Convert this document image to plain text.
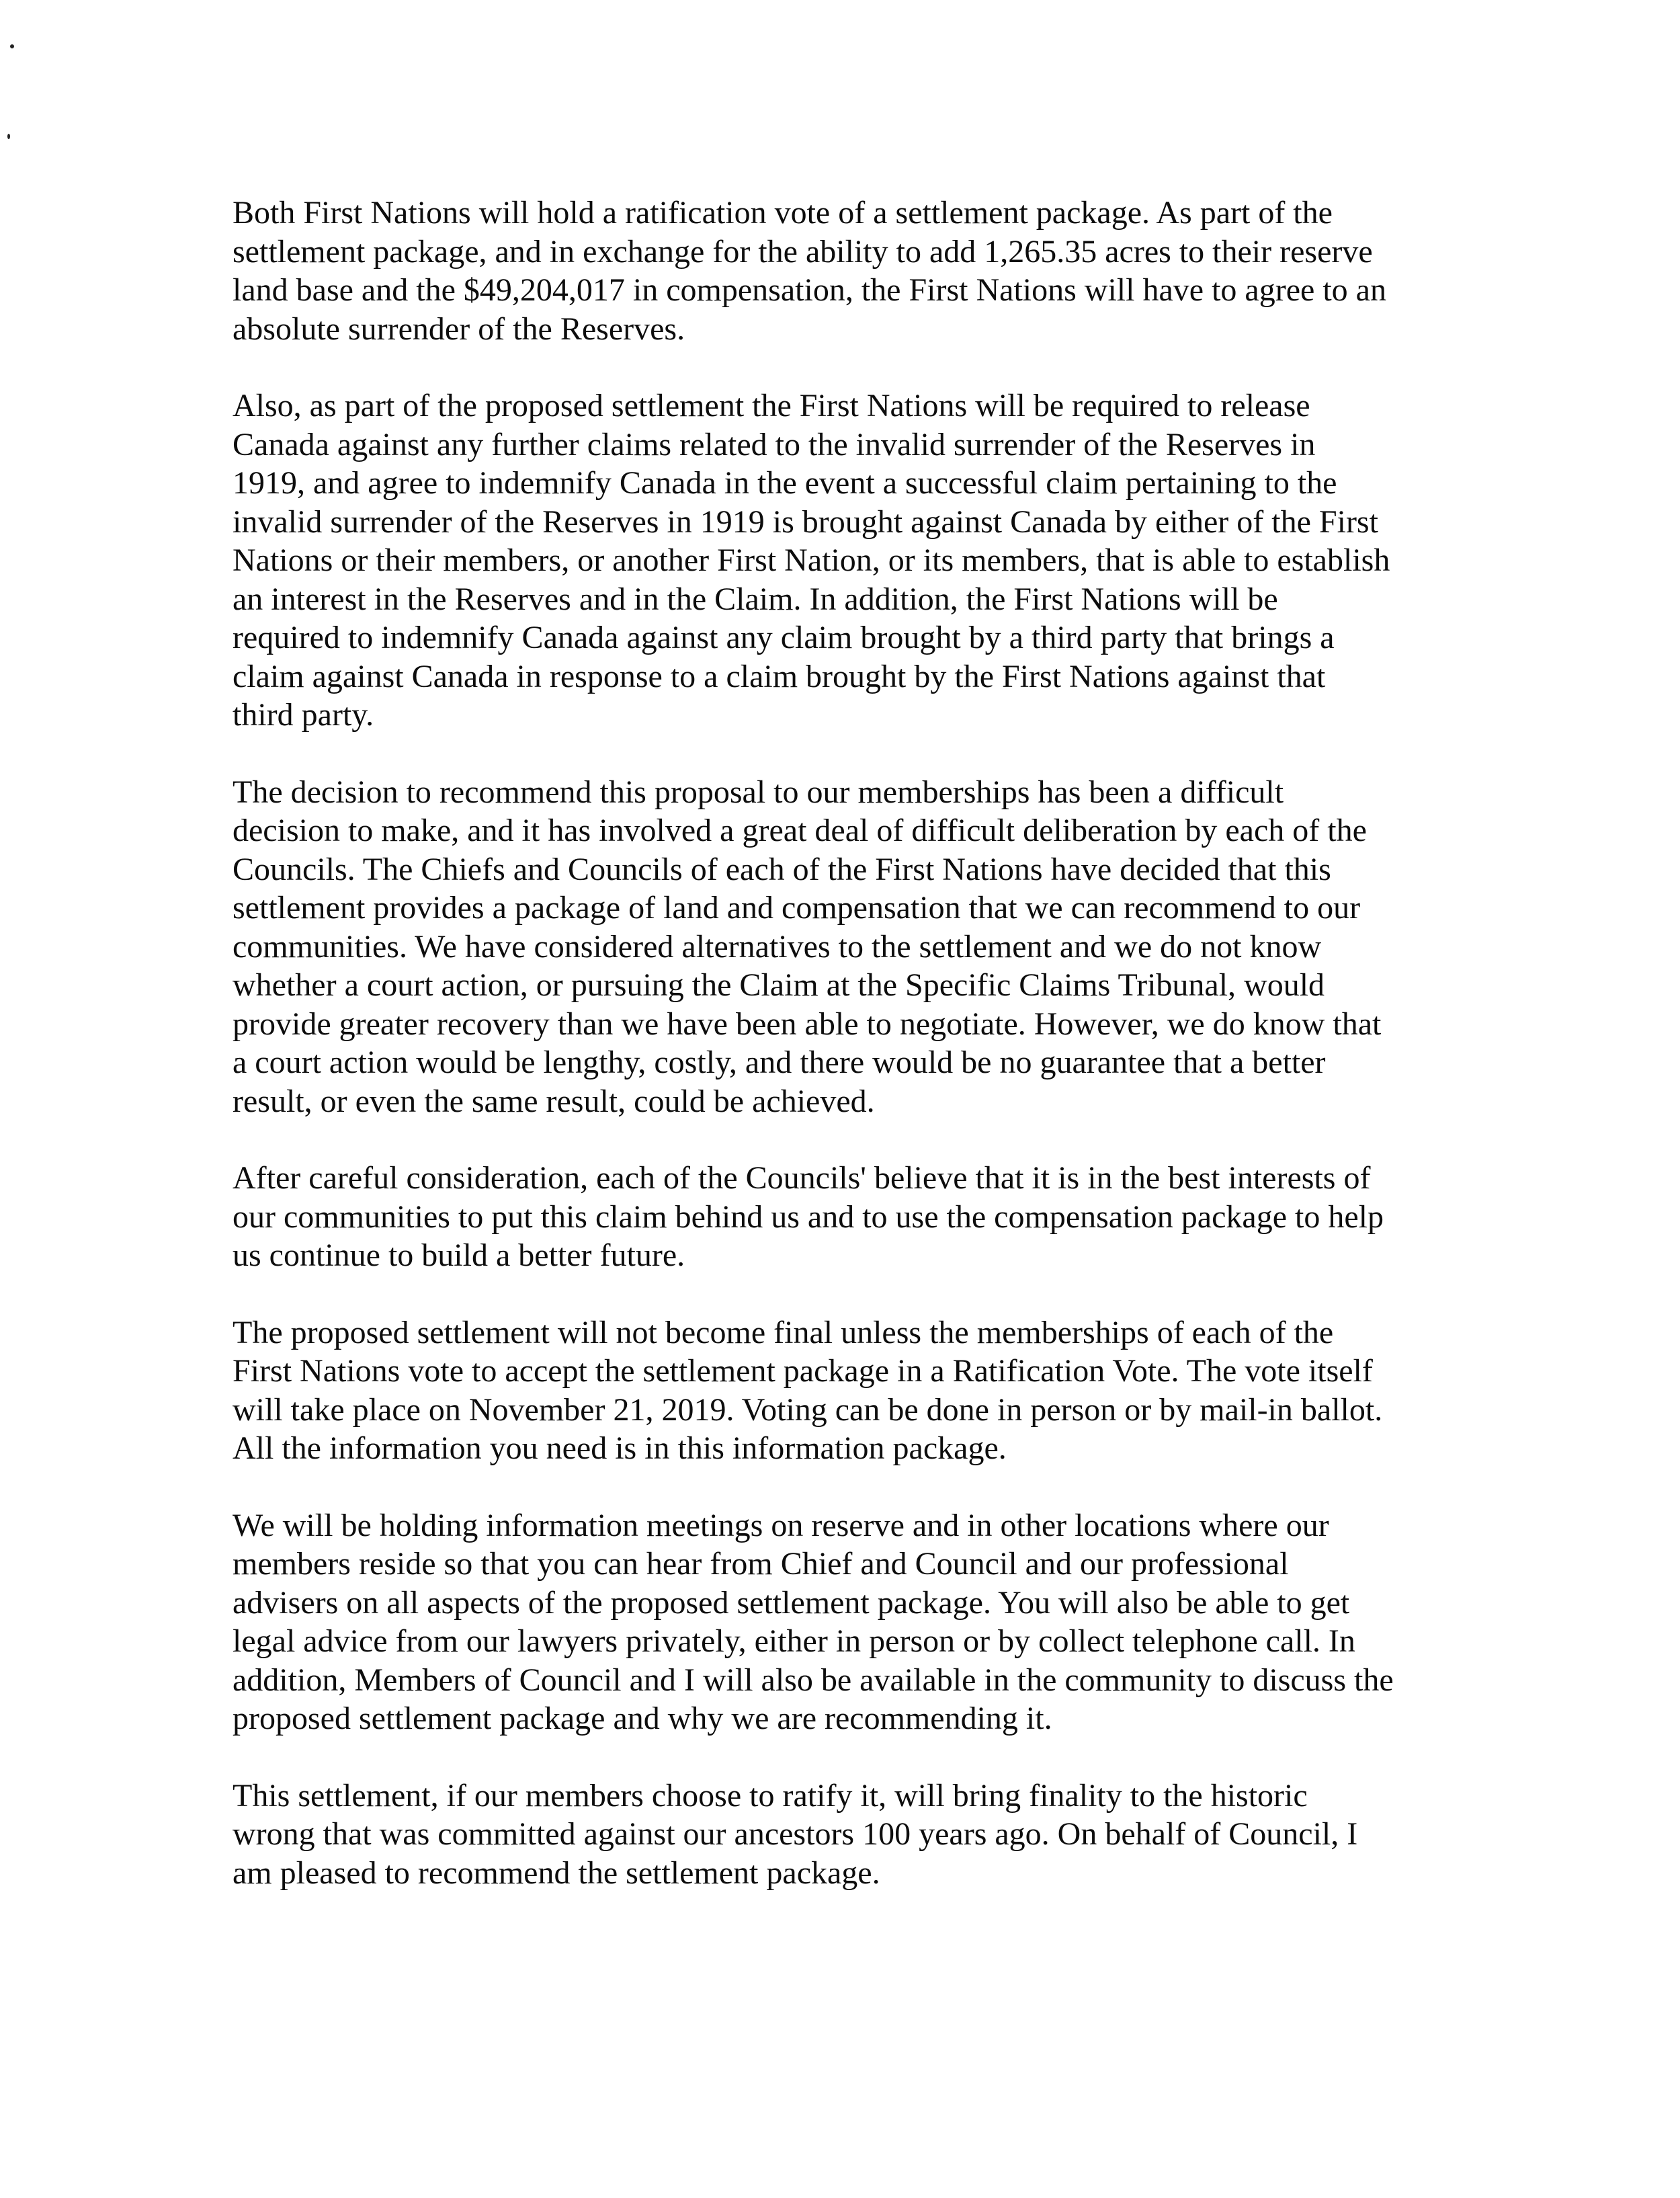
Both First Nations will hold a ratification vote of a settlement package. As part of the
settlement package, and in exchange for the ability to add 1,265.35 acres to their reserve
land base and the $49,204,017 in compensation, the First Nations will have to agree to an
absolute surrender of the Reserves.

Also, as part of the proposed settlement the First Nations will be required to release
Canada against any further claims related to the invalid surrender of the Reserves in
1919, and agree to indemnify Canada in the event a successful claim pertaining to the
invalid surrender of the Reserves in 1919 is brought against Canada by either of the First
Nations or their members, or another First Nation, or its members, that is able to establish
an interest in the Reserves and in the Claim. In addition, the First Nations will be
required to indemnify Canada against any claim brought by a third party that brings a
claim against Canada in response to a claim brought by the First Nations against that
third party.

The decision to recommend this proposal to our memberships has been a difficult
decision to make, and it has involved a great deal of difficult deliberation by each of the
Councils. The Chiefs and Councils of each of the First Nations have decided that this
settlement provides a package of land and compensation that we can recommend to our
communities. We have considered alternatives to the settlement and we do not know
whether a court action, or pursuing the Claim at the Specific Claims Tribunal, would
provide greater recovery than we have been able to negotiate. However, we do know that
a court action would be lengthy, costly, and there would be no guarantee that a better
result, or even the same result, could be achieved.

After careful consideration, each of the Councils' believe that it is in the best interests of
our communities to put this claim behind us and to use the compensation package to help
us continue to build a better future.

The proposed settlement will not become final unless the memberships of each of the
First Nations vote to accept the settlement package in a Ratification Vote. The vote itself
will take place on November 21, 2019. Voting can be done in person or by mail-in ballot.
All the information you need is in this information package.

We will be holding information meetings on reserve and in other locations where our
members reside so that you can hear from Chief and Council and our professional
advisers on all aspects of the proposed settlement package. You will also be able to get
legal advice from our lawyers privately, either in person or by collect telephone call. In
addition, Members of Council and I will also be available in the community to discuss the
proposed settlement package and why we are recommending it.

This settlement, if our members choose to ratify it, will bring finality to the historic
wrong that was committed against our ancestors 100 years ago. On behalf of Council, I
am pleased to recommend the settlement package.
